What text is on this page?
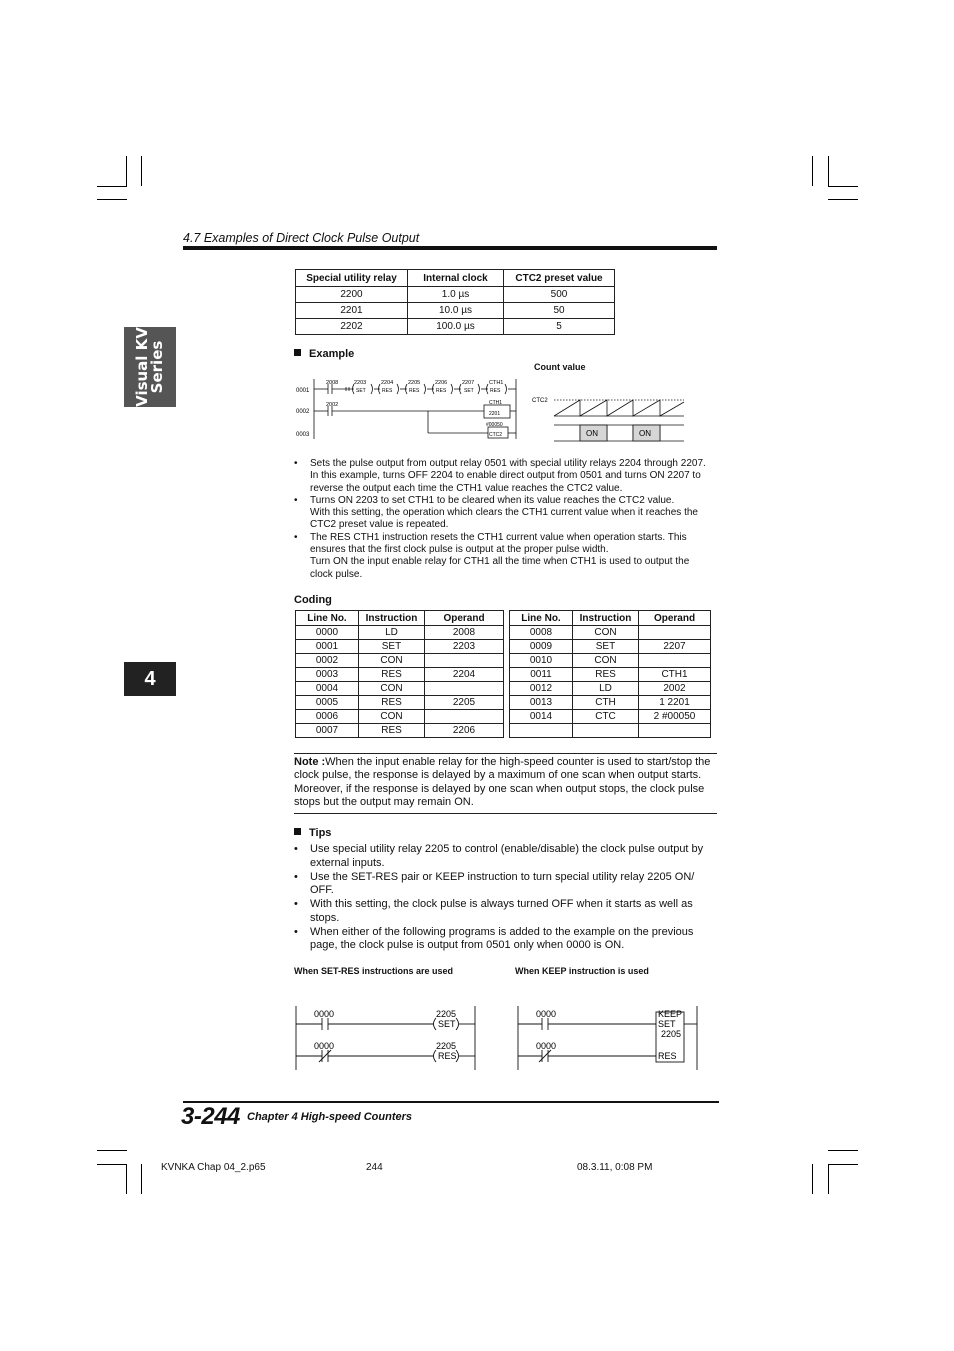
4.7 Examples of Direct Clock Pulse Output
Visual KV
Series
4
Special utility relay	Internal clock	CTC2 preset value
2200	1.0 µs	500
2201	10.0 µs	50
2202	100.0 µs	5
Example
Count value
0001
0002
0003
2008	2203	2204	2205	2206	2207	CTH1
SET	RES	RES	RES	SET	RES
2002	CTH1
2201
#00050
CTC2
CTC2
ON	ON
• Sets the pulse output from output relay 0501 with special utility relays 2204 through 2207.
In this example, turns OFF 2204 to enable direct output from 0501 and turns ON 2207 to
reverse the output each time the CTH1 value reaches the CTC2 value.
• Turns ON 2203 to set CTH1 to be cleared when its value reaches the CTC2 value.
With this setting, the operation which clears the CTH1 current value when it reaches the
CTC2 preset value is repeated.
• The RES CTH1 instruction resets the CTH1 current value when operation starts. This
ensures that the first clock pulse is output at the proper pulse width.
Turn ON the input enable relay for CTH1 all the time when CTH1 is used to output the
clock pulse.
Coding
Line No.	Instruction	Operand
0000	LD	2008
0001	SET	2203
0002	CON	
0003	RES	2204
0004	CON	
0005	RES	2205
0006	CON	
0007	RES	2206
Line No.	Instruction	Operand
0008	CON	
0009	SET	2207
0010	CON	
0011	RES	CTH1
0012	LD	2002
0013	CTH	1 2201
0014	CTC	2 #00050

Note :When the input enable relay for the high-speed counter is used to start/stop the clock pulse, the response is delayed by a maximum of one scan when output starts. Moreover, if the response is delayed by one scan when output stops, the clock pulse stops but the output may remain ON.
Tips
• Use special utility relay 2205 to control (enable/disable) the clock pulse output by external inputs.
• Use the SET-RES pair or KEEP instruction to turn special utility relay 2205 ON/ OFF.
• With this setting, the clock pulse is always turned OFF when it starts as well as stops.
• When either of the following programs is added to the example on the previous page, the clock pulse is output from 0501 only when 0000 is ON.
When SET-RES instructions are used	When KEEP instruction is used
0000	2205
SET
0000	2205
RES
0000
0000
KEEP
SET
2205
RES
3-244 Chapter 4 High-speed Counters
KVNKA Chap 04_2.p65	244	08.3.11, 0:08 PM
